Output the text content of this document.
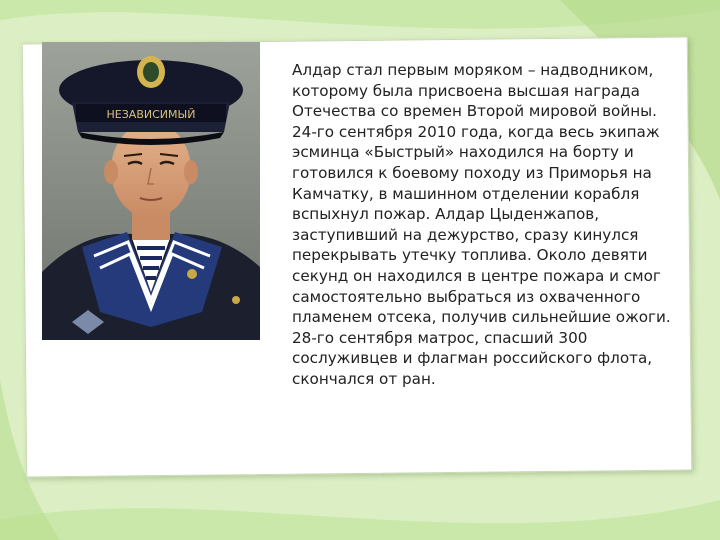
НЕЗАВИСИМЫЙ
Алдар стал первым моряком – надводником,
которому была присвоена высшая награда
Отечества со времен Второй мировой войны.
24-го сентября 2010 года, когда весь экипаж
эсминца «Быстрый» находился на борту и
готовился к боевому походу из Приморья на
Камчатку, в машинном отделении корабля
вспыхнул пожар. Алдар Цыденжапов,
заступивший на дежурство, сразу кинулся
перекрывать утечку топлива. Около девяти
секунд он находился в центре пожара и смог
самостоятельно выбраться из охваченного
пламенем отсека, получив сильнейшие ожоги.
28-го сентября матрос, спасший 300
сослуживцев и флагман российского флота,
скончался от ран.
